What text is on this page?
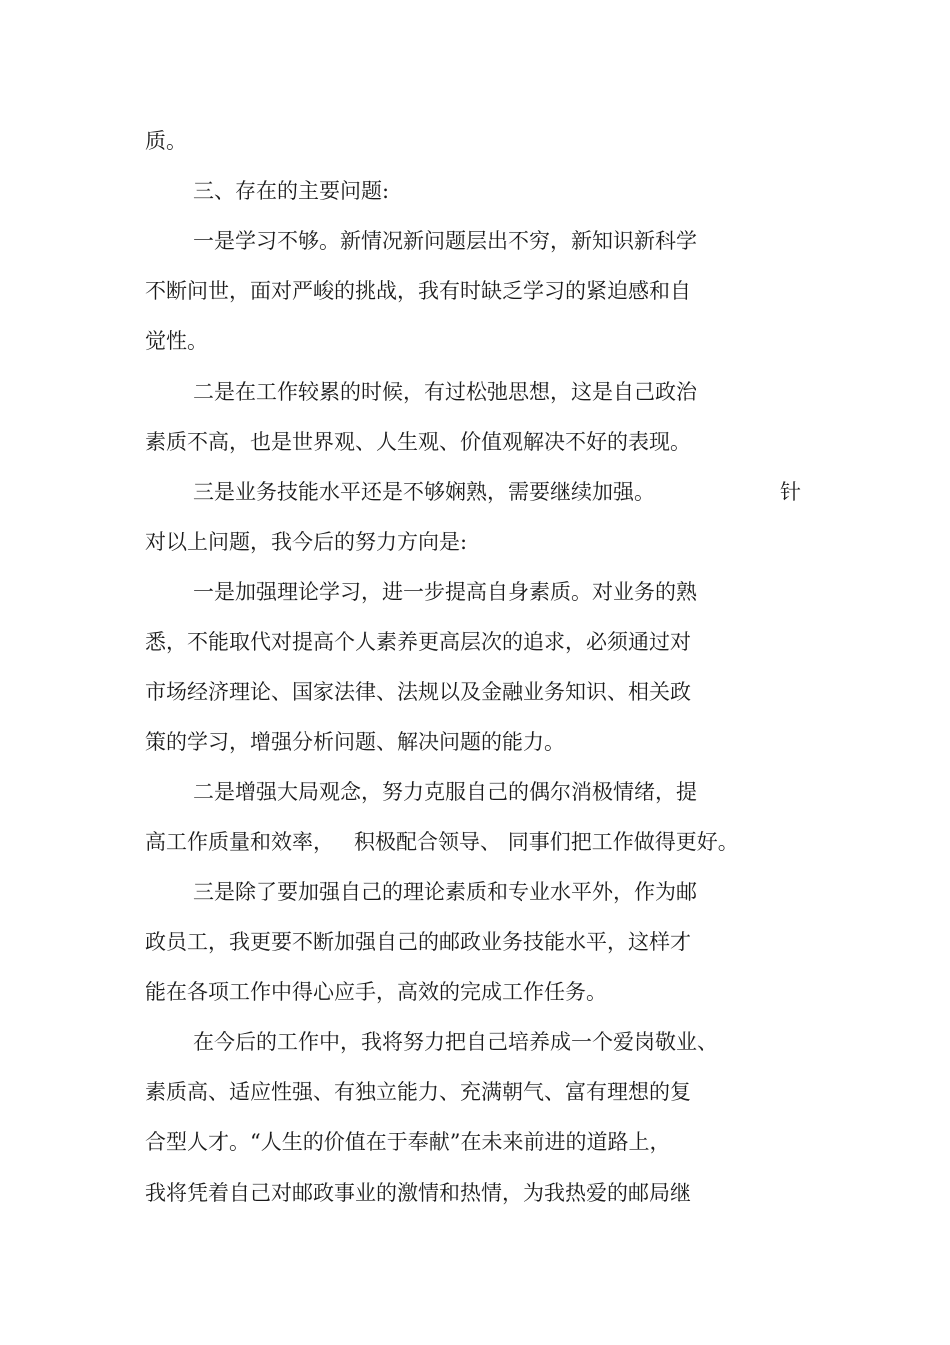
质。
三、存在的主要问题:
一是学习不够。新情况新问题层出不穷，新知识新科学
不断问世，面对严峻的挑战，我有时缺乏学习的紧迫感和自
觉性。
二是在工作较累的时候，有过松弛思想，这是自己政治
素质不高，也是世界观、人生观、价值观解决不好的表现。
三是业务技能水平还是不够娴熟，需要继续加强。	针
对以上问题，我今后的努力方向是:
一是加强理论学习，进一步提高自身素质。对业务的熟
悉，不能取代对提高个人素养更高层次的追求，必须通过对
市场经济理论、国家法律、法规以及金融业务知识、相关政
策的学习，增强分析问题、解决问题的能力。
二是增强大局观念，努力克服自己的偶尔消极情绪，提
高工作质量和效率，   积极配合领导、 同事们把工作做得更好。
三是除了要加强自己的理论素质和专业水平外，作为邮
政员工，我更要不断加强自己的邮政业务技能水平，这样才
能在各项工作中得心应手，高效的完成工作任务。
在今后的工作中，我将努力把自己培养成一个爱岗敬业、
素质高、适应性强、有独立能力、充满朝气、富有理想的复
合型人才。“人生的价值在于奉献”在未来前进的道路上，
我将凭着自己对邮政事业的激情和热情，为我热爱的邮局继
